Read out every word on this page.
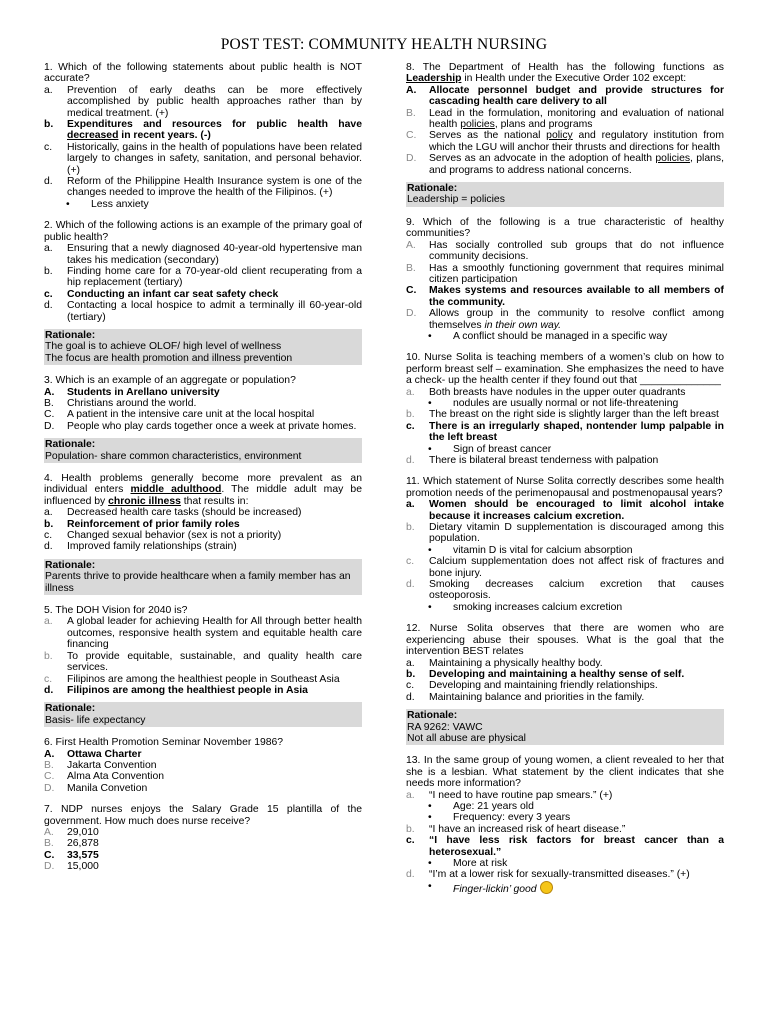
POST TEST: COMMUNITY HEALTH NURSING
1. Which of the following statements about public health is NOT accurate?
a.	Prevention of early deaths can be more effectively accomplished by public health approaches rather than by medical treatment. (+)
b.	Expenditures and resources for public health have decreased in recent years. (-)
c.	Historically, gains in the health of populations have been related largely to changes in safety, sanitation, and personal behavior. (+)
d.	Reform of the Philippine Health Insurance system is one of the changes needed to improve the health of the Filipinos. (+)
•	Less anxiety
2. Which of the following actions is an example of the primary goal of public health?
a.	Ensuring that a newly diagnosed 40-year-old hypertensive man takes his medication (secondary)
b.	Finding home care for a 70-year-old client recuperating from a hip replacement (tertiary)
c.	Conducting an infant car seat safety check
d.	Contacting a local hospice to admit a terminally ill 60-year-old (tertiary)
Rationale:
The goal is to achieve OLOF/ high level of wellness
The focus are health promotion and illness prevention
3. Which is an example of an aggregate or population?
A.	Students in Arellano university
B.	Christians around the world.
C.	A patient in the intensive care unit at the local hospital
D.	People who play cards together once a week at private homes.
Rationale:
Population- share common characteristics, environment
4. Health problems generally become more prevalent as an individual enters middle adulthood. The middle adult may be influenced by chronic illness that results in:
a.	Decreased health care tasks (should be increased)
b.	Reinforcement of prior family roles
c.	Changed sexual behavior (sex is not a priority)
d.	Improved family relationships (strain)
Rationale:
Parents thrive to provide healthcare when a family member has an illness
5. The DOH Vision for 2040 is?
a.	A global leader for achieving Health for All through better health outcomes, responsive health system and equitable health care financing
b.	To provide equitable, sustainable, and quality health care services.
c.	Filipinos are among the healthiest people in Southeast Asia
d.	Filipinos are among the healthiest people in Asia
Rationale:
Basis- life expectancy
6. First Health Promotion Seminar November 1986?
A.	Ottawa Charter
B.	Jakarta Convention
C.	Alma Ata Convention
D.	Manila Convetion
7. NDP nurses enjoys the Salary Grade 15 plantilla of the government. How much does nurse receive?
A.	29,010
B.	26,878
C.	33,575
D.	15,000
8. The Department of Health has the following functions as Leadership in Health under the Executive Order 102 except:
A.	Allocate personnel budget and provide structures for cascading health care delivery to all
B.	Lead in the formulation, monitoring and evaluation of national health policies, plans and programs
C.	Serves as the national policy and regulatory institution from which the LGU will anchor their thrusts and directions for health
D.	Serves as an advocate in the adoption of health policies, plans, and programs to address national concerns.
Rationale:
Leadership = policies
9. Which of the following is a true characteristic of healthy communities?
A.	Has socially controlled sub groups that do not influence community decisions.
B.	Has a smoothly functioning government that requires minimal citizen participation
C.	Makes systems and resources available to all members of the community.
D.	Allows group in the community to resolve conflict among themselves in their own way.
•	A conflict should be managed in a specific way
10. Nurse Solita is teaching members of a women’s club on how to perform breast self – examination. She emphasizes the need to have a check- up the health center if they found out that ______________
a.	Both breasts have nodules in the upper outer quadrants
•	nodules are usually normal or not life-threatening
b.	The breast on the right side is slightly larger than the left breast
c.	There is an irregularly shaped, nontender lump palpable in the left breast
•	Sign of breast cancer
d.	There is bilateral breast tenderness with palpation
11. Which statement of Nurse Solita correctly describes some health promotion needs of the perimenopausal and postmenopausal years?
a.	Women should be encouraged to limit alcohol intake because it increases calcium excretion.
b.	Dietary vitamin D supplementation is discouraged among this population.
•	vitamin D is vital for calcium absorption
c.	Calcium supplementation does not affect risk of fractures and bone injury.
d.	Smoking decreases calcium excretion that causes osteoporosis.
•	smoking increases calcium excretion
12. Nurse Solita observes that there are women who are experiencing abuse their spouses. What is the goal that the intervention BEST relates
a.	Maintaining a physically healthy body.
b.	Developing and maintaining a healthy sense of self.
c.	Developing and maintaining friendly relationships.
d.	Maintaining balance and priorities in the family.
Rationale:
RA 9262: VAWC
Not all abuse are physical
13. In the same group of young women, a client revealed to her that she is a lesbian. What statement by the client indicates that she needs more information?
a.	“I need to have routine pap smears.” (+)
•	Age: 21 years old
•	Frequency: every 3 years
b.	“I have an increased risk of heart disease.”
c.	“I have less risk factors for breast cancer than a heterosexual.”
•	More at risk
d.	“I’m at a lower risk for sexually-transmitted diseases.” (+)
•	Finger-lickin’ good
